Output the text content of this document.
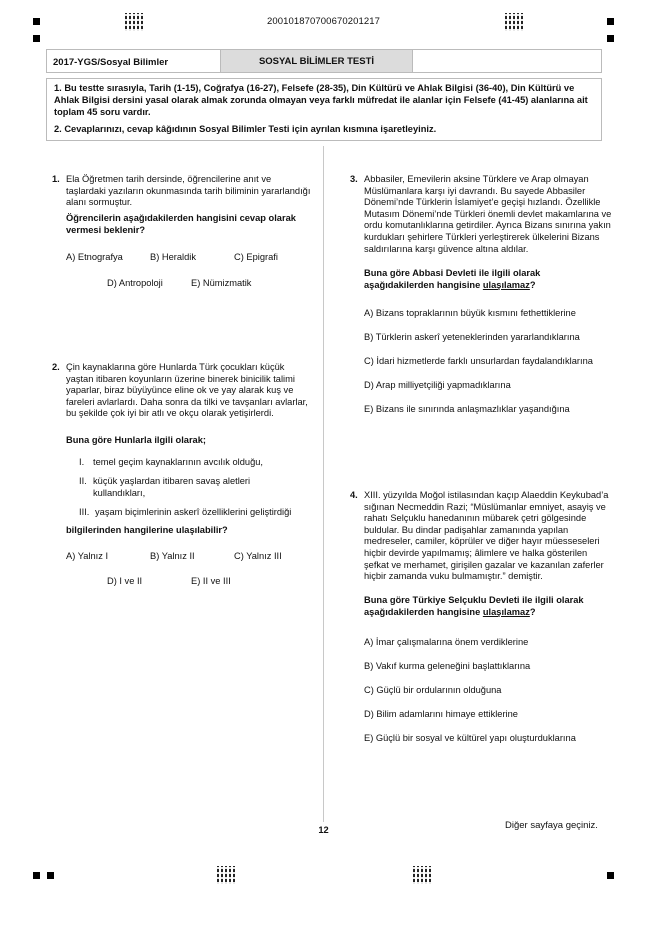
200101870700670201217
2017-YGS/Sosyal Bilimler	SOSYAL BİLİMLER TESTİ

1. Bu testte sırasıyla, Tarih (1-15), Coğrafya (16-27), Felsefe (28-35), Din Kültürü ve Ahlak Bilgisi (36-40), Din Kültürü ve Ahlak Bilgisi dersini yasal olarak almak zorunda olmayan veya farklı müfredat ile alanlar için Felsefe (41-45) alanlarına ait toplam 45 soru vardır.

2. Cevaplarınızı, cevap kâğıdının Sosyal Bilimler Testi için ayrılan kısmına işaretleyiniz.

1. Ela Öğretmen tarih dersinde, öğrencilerine anıt ve taşlardaki yazıların okunmasında tarih biliminin yararlandığı alanı sormuştur.
Öğrencilerin aşağıdakilerden hangisini cevap olarak vermesi beklenir?
A) Etnografya	B) Heraldik	C) Epigrafi
D) Antropoloji	E) Nümizmatik
2. Çin kaynaklarına göre Hunlarda Türk çocukları küçük yaştan itibaren koyunların üzerine binerek binicilik talimi yaparlar, biraz büyüyünce eline ok ve yay alarak kuş ve fareleri avlarlardı. Daha sonra da tilki ve tavşanları avlarlar, bu şekilde çok iyi bir atlı ve okçu olarak yetişirlerdi.
Buna göre Hunlarla ilgili olarak;
I. temel geçim kaynaklarının avcılık olduğu,
II. küçük yaşlardan itibaren savaş aletleri kullandıkları,
III. yaşam biçimlerinin askerî özelliklerini geliştirdiği
bilgilerinden hangilerine ulaşılabilir?
A) Yalnız I	B) Yalnız II	C) Yalnız III
D) I ve II	E) II ve III
3. Abbasiler, Emevilerin aksine Türklere ve Arap olmayan Müslümanlara karşı iyi davrandı. Bu sayede Abbasiler Dönemi’nde Türklerin İslamiyet’e geçişi hızlandı. Özellikle Mutasım Dönemi’nde Türkleri önemli devlet makamlarına ve ordu komutanlıklarına getirdiler. Ayrıca Bizans sınırına yakın kurdukları şehirlere Türkleri yerleştirerek ülkelerini Bizans saldırılarına karşı güvence altına aldılar.
Buna göre Abbasi Devleti ile ilgili olarak aşağıdakilerden hangisine ulaşılamaz?
A) Bizans topraklarının büyük kısmını fethettiklerine
B) Türklerin askerî yeteneklerinden yararlandıklarına
C) İdari hizmetlerde farklı unsurlardan faydalandıklarına
D) Arap milliyetçiliği yapmadıklarına
E) Bizans ile sınırında anlaşmazlıklar yaşandığına
4. XIII. yüzyılda Moğol istilasından kaçıp Alaeddin Keykubad’a sığınan Necmeddin Razi; “Müslümanlar emniyet, asayiş ve rahatı Selçuklu hanedanının mübarek çetri gölgesinde buldular. Bu dindar padişahlar zamanında yapılan medreseler, camiler, köprüler ve diğer hayır müesseseleri hiçbir devirde yapılmamış; âlimlere ve halka gösterilen şefkat ve merhamet, girişilen gazalar ve kazanılan zaferler hiçbir zamanda vuku bulmamıştır.” demiştir.
Buna göre Türkiye Selçuklu Devleti ile ilgili olarak aşağıdakilerden hangisine ulaşılamaz?
A) İmar çalışmalarına önem verdiklerine
B) Vakıf kurma geleneğini başlattıklarına
C) Güçlü bir ordularının olduğuna
D) Bilim adamlarını himaye ettiklerine
E) Güçlü bir sosyal ve kültürel yapı oluşturduklarına
12	Diğer sayfaya geçiniz.
